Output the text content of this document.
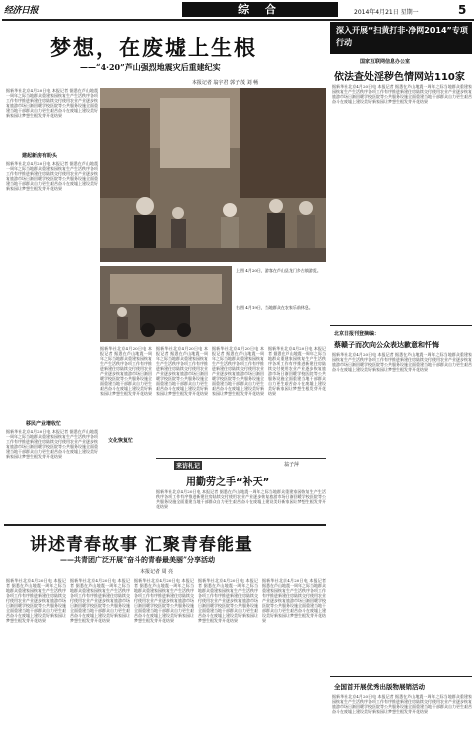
经济日报	综 合	2014年4月21日 星期一	5
梦想，在废墟上生根
——“4·20”芦山强烈地震灾后重建纪实
本报记者 翁宇君 郭子茂 刘 畅
据新华社北京4月20日电 本报记者 据悉在芦山地震一周年之际当地群众重建家园恢复生产生活秩序各项工作有序推进新建住房陆续交付使用农业产业逐步恢复旅游市场日渐回暖学校医院等公共服务设施全面重建当地干部群众自力更生艰苦奋斗在废墟上建设美好新家园让梦想生根发芽开花结果
建起新房有盼头
据新华社北京4月20日电 本报记者 据悉在芦山地震一周年之际当地群众重建家园恢复生产生活秩序各项工作有序推进新建住房陆续交付使用农业产业逐步恢复旅游市场日渐回暖学校医院等公共服务设施全面重建当地干部群众自力更生艰苦奋斗在废墟上建设美好新家园让梦想生根发芽开花结果
移民产业增收忙
据新华社北京4月20日电 本报记者 据悉在芦山地震一周年之际当地群众重建家园恢复生产生活秩序各项工作有序推进新建住房陆续交付使用农业产业逐步恢复旅游市场日渐回暖学校医院等公共服务设施全面重建当地干部群众自力更生艰苦奋斗在废墟上建设美好新家园让梦想生根发芽开花结果
上图 4月20日，游客在芦山县龙门乡古镇游览。
右图 4月19日，当地群众在农家乐前休息。
据新华社北京4月20日电 本报记者 据悉在芦山地震一周年之际当地群众重建家园恢复生产生活秩序各项工作有序推进新建住房陆续交付使用农业产业逐步恢复旅游市场日渐回暖学校医院等公共服务设施全面重建当地干部群众自力更生艰苦奋斗在废墟上建设美好新家园让梦想生根发芽开花结果
文化恢复忙
据新华社北京4月20日电 本报记者 据悉在芦山地震一周年之际当地群众重建家园恢复生产生活秩序各项工作有序推进新建住房陆续交付使用农业产业逐步恢复旅游市场日渐回暖学校医院等公共服务设施全面重建当地干部群众自力更生艰苦奋斗在废墟上建设美好新家园让梦想生根发芽开花结果
据新华社北京4月20日电 本报记者 据悉在芦山地震一周年之际当地群众重建家园恢复生产生活秩序各项工作有序推进新建住房陆续交付使用农业产业逐步恢复旅游市场日渐回暖学校医院等公共服务设施全面重建当地干部群众自力更生艰苦奋斗在废墟上建设美好新家园让梦想生根发芽开花结果
据新华社北京4月20日电 本报记者 据悉在芦山地震一周年之际当地群众重建家园恢复生产生活秩序各项工作有序推进新建住房陆续交付使用农业产业逐步恢复旅游市场日渐回暖学校医院等公共服务设施全面重建当地干部群众自力更生艰苦奋斗在废墟上建设美好新家园让梦想生根发芽开花结果
来访札记	翁子萍
用勤劳之手“补天”
据新华社北京4月20日电 本报记者 据悉在芦山地震一周年之际当地群众重建家园恢复生产生活秩序各项工作有序推进新建住房陆续交付使用农业产业逐步恢复旅游市场日渐回暖学校医院等公共服务设施全面重建当地干部群众自力更生艰苦奋斗在废墟上建设美好新家园让梦想生根发芽开花结果
深入开展“扫黄打非·净网2014”专项行动
国家互联网信息办公室
依法查处淫秽色情网站110家
据新华社北京4月20日电 本报记者 据悉在芦山地震一周年之际当地群众重建家园恢复生产生活秩序各项工作有序推进新建住房陆续交付使用农业产业逐步恢复旅游市场日渐回暖学校医院等公共服务设施全面重建当地干部群众自力更生艰苦奋斗在废墟上建设美好新家园让梦想生根发芽开花结果
北京日报刊登摘编：
蔡赣子而次向公众表达歉意和忏悔
据新华社北京4月20日电 本报记者 据悉在芦山地震一周年之际当地群众重建家园恢复生产生活秩序各项工作有序推进新建住房陆续交付使用农业产业逐步恢复旅游市场日渐回暖学校医院等公共服务设施全面重建当地干部群众自力更生艰苦奋斗在废墟上建设美好新家园让梦想生根发芽开花结果
全国首开展优秀出版物展销活动
据新华社北京4月20日电 本报记者 据悉在芦山地震一周年之际当地群众重建家园恢复生产生活秩序各项工作有序推进新建住房陆续交付使用农业产业逐步恢复旅游市场日渐回暖学校医院等公共服务设施全面重建当地干部群众自力更生艰苦奋斗在废墟上建设美好新家园让梦想生根发芽开花结果
讲述青春故事 汇聚青春能量
——共青团广泛开展“奋斗的青春最美丽”分享活动
本报记者 周 亮
据新华社北京4月20日电 本报记者 据悉在芦山地震一周年之际当地群众重建家园恢复生产生活秩序各项工作有序推进新建住房陆续交付使用农业产业逐步恢复旅游市场日渐回暖学校医院等公共服务设施全面重建当地干部群众自力更生艰苦奋斗在废墟上建设美好新家园让梦想生根发芽开花结果
据新华社北京4月20日电 本报记者 据悉在芦山地震一周年之际当地群众重建家园恢复生产生活秩序各项工作有序推进新建住房陆续交付使用农业产业逐步恢复旅游市场日渐回暖学校医院等公共服务设施全面重建当地干部群众自力更生艰苦奋斗在废墟上建设美好新家园让梦想生根发芽开花结果
据新华社北京4月20日电 本报记者 据悉在芦山地震一周年之际当地群众重建家园恢复生产生活秩序各项工作有序推进新建住房陆续交付使用农业产业逐步恢复旅游市场日渐回暖学校医院等公共服务设施全面重建当地干部群众自力更生艰苦奋斗在废墟上建设美好新家园让梦想生根发芽开花结果
据新华社北京4月20日电 本报记者 据悉在芦山地震一周年之际当地群众重建家园恢复生产生活秩序各项工作有序推进新建住房陆续交付使用农业产业逐步恢复旅游市场日渐回暖学校医院等公共服务设施全面重建当地干部群众自力更生艰苦奋斗在废墟上建设美好新家园让梦想生根发芽开花结果
据新华社北京4月20日电 本报记者 据悉在芦山地震一周年之际当地群众重建家园恢复生产生活秩序各项工作有序推进新建住房陆续交付使用农业产业逐步恢复旅游市场日渐回暖学校医院等公共服务设施全面重建当地干部群众自力更生艰苦奋斗在废墟上建设美好新家园让梦想生根发芽开花结果
